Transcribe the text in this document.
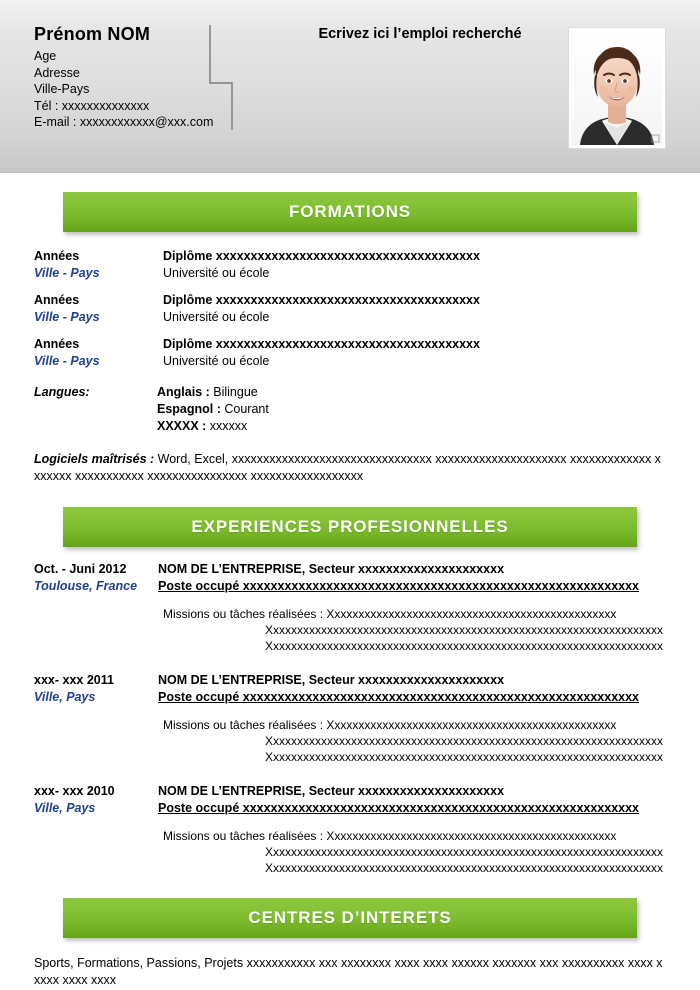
Prénom NOM
Age
Adresse
Ville-Pays
Tél : xxxxxxxxxxxxxx
E-mail : xxxxxxxxxxxx@xxx.com
Ecrivez ici l’emploi recherché
FORMATIONS
Années
Ville - Pays
Diplôme xxxxxxxxxxxxxxxxxxxxxxxxxxxxxxxxxxxxxx
Université ou école
Années
Ville - Pays
Diplôme xxxxxxxxxxxxxxxxxxxxxxxxxxxxxxxxxxxxxx
Université ou école
Années
Ville - Pays
Diplôme xxxxxxxxxxxxxxxxxxxxxxxxxxxxxxxxxxxxxx
Université ou école
Langues:	Anglais : Bilingue
Espagnol : Courant
XXXXX : xxxxxx
Logiciels maîtrisés : Word, Excel, xxxxxxxxxxxxxxxxxxxxxxxxxxxxxxxx xxxxxxxxxxxxxxxxxxxxx xxxxxxxxxxxxx xxxxxxx xxxxxxxxxxx xxxxxxxxxxxxxxxx xxxxxxxxxxxxxxxxxx
EXPERIENCES PROFESIONNELLES
Oct. - Juni 2012
Toulouse, France
NOM DE L’ENTREPRISE, Secteur xxxxxxxxxxxxxxxxxxxxx
Poste occupé xxxxxxxxxxxxxxxxxxxxxxxxxxxxxxxxxxxxxxxxxxxxxxxxxxxxxxxxx
Missions ou tâches réalisées : Xxxxxxxxxxxxxxxxxxxxxxxxxxxxxxxxxxxxxxxxxxxxxxxx
Xxxxxxxxxxxxxxxxxxxxxxxxxxxxxxxxxxxxxxxxxxxxxxxxxxxxxxxxxxxxxxxxxx
Xxxxxxxxxxxxxxxxxxxxxxxxxxxxxxxxxxxxxxxxxxxxxxxxxxxxxxxxxxxxxxxxxx
xxx- xxx 2011
Ville, Pays
NOM DE L’ENTREPRISE, Secteur xxxxxxxxxxxxxxxxxxxxx
Poste occupé xxxxxxxxxxxxxxxxxxxxxxxxxxxxxxxxxxxxxxxxxxxxxxxxxxxxxxxxx
Missions ou tâches réalisées : Xxxxxxxxxxxxxxxxxxxxxxxxxxxxxxxxxxxxxxxxxxxxxxxx
Xxxxxxxxxxxxxxxxxxxxxxxxxxxxxxxxxxxxxxxxxxxxxxxxxxxxxxxxxxxxxxxxxx
Xxxxxxxxxxxxxxxxxxxxxxxxxxxxxxxxxxxxxxxxxxxxxxxxxxxxxxxxxxxxxxxxxx
xxx- xxx 2010
Ville, Pays
NOM DE L’ENTREPRISE, Secteur xxxxxxxxxxxxxxxxxxxxx
Poste occupé xxxxxxxxxxxxxxxxxxxxxxxxxxxxxxxxxxxxxxxxxxxxxxxxxxxxxxxxx
Missions ou tâches réalisées : Xxxxxxxxxxxxxxxxxxxxxxxxxxxxxxxxxxxxxxxxxxxxxxxx
Xxxxxxxxxxxxxxxxxxxxxxxxxxxxxxxxxxxxxxxxxxxxxxxxxxxxxxxxxxxxxxxxxx
Xxxxxxxxxxxxxxxxxxxxxxxxxxxxxxxxxxxxxxxxxxxxxxxxxxxxxxxxxxxxxxxxxx
CENTRES D’INTERETS
Sports, Formations, Passions, Projets xxxxxxxxxxx xxx xxxxxxxx xxxx xxxx xxxxxx xxxxxxx xxx xxxxxxxxxx xxxx xxxxx xxxx xxxx
